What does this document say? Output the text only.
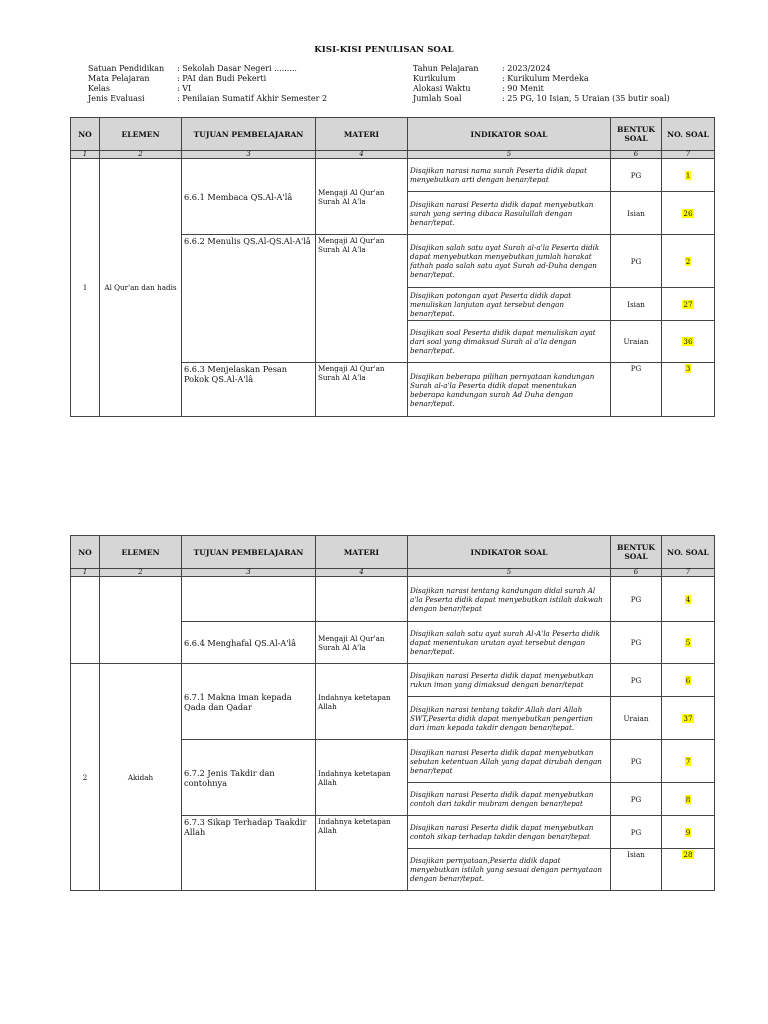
KISI-KISI PENULISAN SOAL
Satuan Pendidikan	: Sekolah Dasar Negeri .........
Mata Pelajaran	: PAI dan Budi Pekerti
Kelas	: VI
Jenis Evaluasi	: Penilaian Sumatif Akhir Semester 2
Tahun Pelajaran	: 2023/2024
Kurikulum	: Kurikulum Merdeka
Alokasi Waktu	: 90 Menit
Jumlah Soal	: 25 PG, 10 Isian, 5 Uraian (35 butir soal)
NO	ELEMEN	TUJUAN PEMBELAJARAN	MATERI	INDIKATOR SOAL	BENTUK SOAL	NO. SOAL
1	2	3	4	5	6	7
1	Al Qur'an dan hadis	6.6.1 Membaca QS.Al-A'lâ	Mengaji Al Qur'an Surah Al A'la	Disajikan narasi nama surah Peserta didik dapat menyebutkan arti dengan benar/tepat	PG	1
				Disajikan narasi Peserta didik dapat menyebutkan surah yang sering dibaca Rasulullah dengan benar/tepat.	Isian	26
		6.6.2 Menulis QS.Al-QS.Al-A'lâ	Mengaji Al Qur'an Surah Al A'la	Disajikan salah satu ayat Surah al-a'la Peserta didik dapat menyebutkan menyebutkan jumlah harakat fathah pada salah satu ayat Surah ad-Duha dengan benar/tepat.	PG	2
				Disajikan potongan ayat Peserta didik dapat menuliskan lanjutan ayat tersebut dengan benar/tepat.	Isian	27
				Disajikan soal Peserta didik dapat menuliskan ayat dari soal yang dimaksud Surah al a'la dengan benar/tepat.	Uraian	36
		6.6.3 Menjelaskan Pesan Pokok QS.Al-A'lâ	Mengaji Al Qur'an Surah Al A'la	Disajikan beberapa pilihan pernyataan kandungan Surah al-a'la Peserta didik dapat menentukan beberapa kandungan surah Ad Duha dengan benar/tepat.	PG	3
NO	ELEMEN	TUJUAN PEMBELAJARAN	MATERI	INDIKATOR SOAL	BENTUK SOAL	NO. SOAL
1	2	3	4	5	6	7
				Disajikan narasi tentang kandungan didal surah Al a'la Peserta didik dapat menyebutkan istilah dakwah dengan benar/tepat	PG	4
		6.6.4 Menghafal QS.Al-A'lâ	Mengaji Al Qur'an Surah Al A'la	Disajikan salah satu ayat surah Al-A'la Peserta didik dapat menentukan urutan ayat tersebut dengan benar/tepat.	PG	5
2	Akidah	6.7.1 Makna iman kepada Qada dan Qadar	Indahnya ketetapan Allah	Disajikan narasi Peserta didik dapat menyebutkan rukun iman yang dimaksud dengan benar/tepat	PG	6
				Disajikan narasi tentang takdir Allah dari Allah SWT,Peserta didik dapat menyebutkan pengertian dari iman kepada takdir dengan benar/tepat.	Uraian	37
		6.7.2 Jenis Takdir dan contohnya	Indahnya ketetapan Allah	Disajikan narasi Peserta didik dapat menyebutkan sebutan ketentuan Allah yang dapat dirubah dengan benar/tepat	PG	7
				Disajikan narasi Peserta didik dapat menyebutkan contoh dari takdir mubram dengan benar/tepat	PG	8
		6.7.3 Sikap Terhadap Taakdir Allah	Indahnya ketetapan Allah	Disajikan narasi Peserta didik dapat menyebutkan contoh sikap terhadap takdir dengan benar/tepat	PG	9
				Disajikan pernyataan,Peserta didik dapat menyebutkan istilah yang sesuai dengan pernyataan dengan benar/tepat.	Isian	28
